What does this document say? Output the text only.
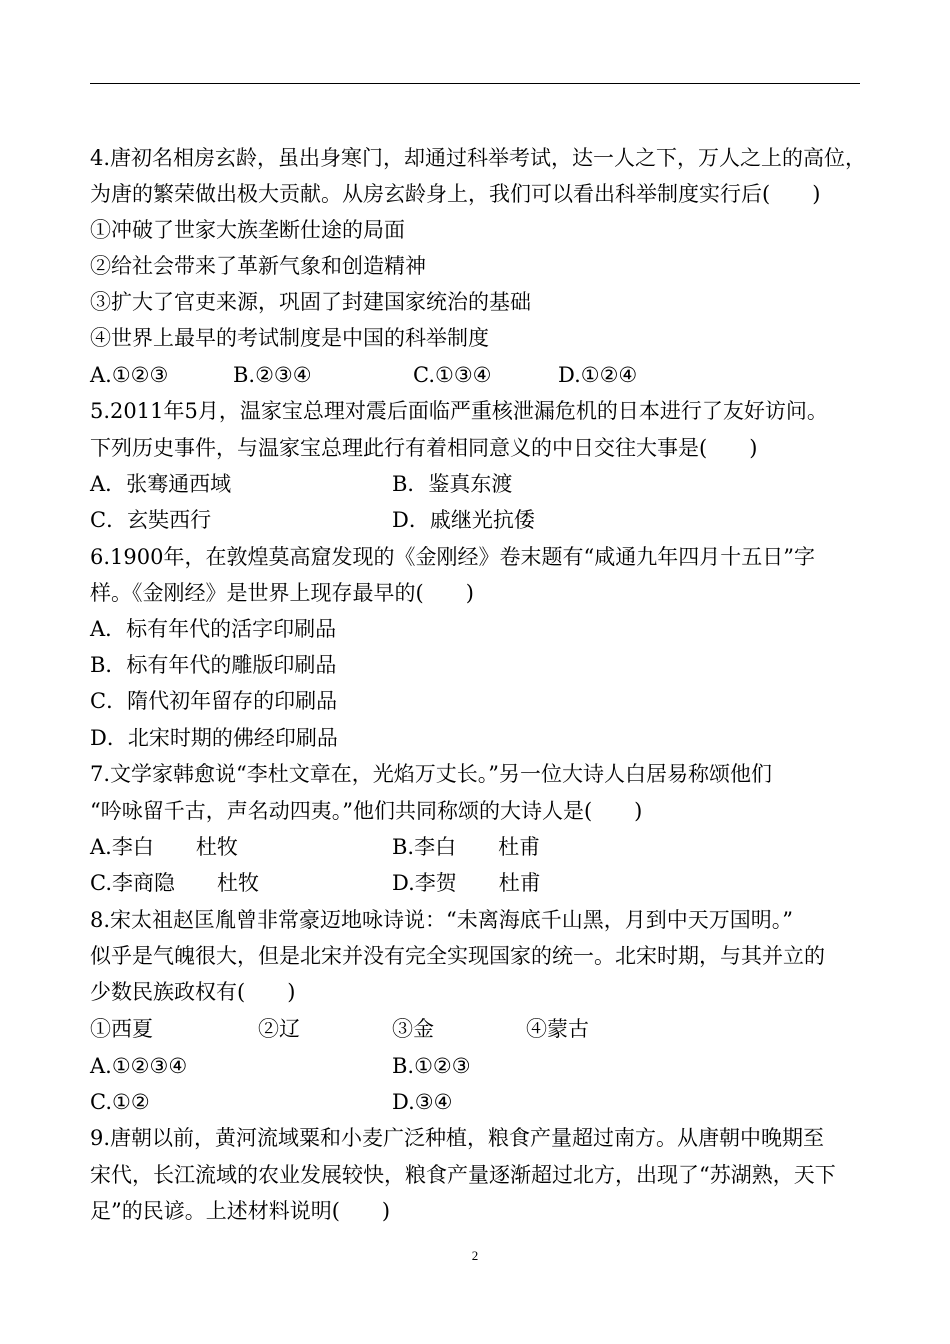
4.唐初名相房玄龄，虽出身寒门，却通过科举考试，达一人之下，万人之上的高位，
为唐的繁荣做出极大贡献。从房玄龄身上，我们可以看出科举制度实行后(　　)
①冲破了世家大族垄断仕途的局面
②给社会带来了革新气象和创造精神
③扩大了官吏来源，巩固了封建国家统治的基础
④世界上最早的考试制度是中国的科举制度
A.①②③	B.②③④	C.①③④	D.①②④
5.2011年5月，温家宝总理对震后面临严重核泄漏危机的日本进行了友好访问。
下列历史事件，与温家宝总理此行有着相同意义的中日交往大事是(　　)
A．张骞通西域	B．鉴真东渡
C．玄奘西行	D．戚继光抗倭
6.1900年，在敦煌莫高窟发现的《金刚经》卷末题有“咸通九年四月十五日”字
样。《金刚经》是世界上现存最早的(　　)
A．标有年代的活字印刷品
B．标有年代的雕版印刷品
C．隋代初年留存的印刷品
D．北宋时期的佛经印刷品
7.文学家韩愈说“李杜文章在，光焰万丈长。”另一位大诗人白居易称颂他们
“吟咏留千古，声名动四夷。”他们共同称颂的大诗人是(　　)
A.李白　　杜牧	B.李白　　杜甫
C.李商隐　　杜牧	D.李贺　　杜甫
8.宋太祖赵匡胤曾非常豪迈地咏诗说：“未离海底千山黑，月到中天万国明。”
似乎是气魄很大，但是北宋并没有完全实现国家的统一。北宋时期，与其并立的
少数民族政权有(　　)
①西夏	②辽	③金	④蒙古
A.①②③④	B.①②③
C.①②	D.③④
9.唐朝以前，黄河流域粟和小麦广泛种植，粮食产量超过南方。从唐朝中晚期至
宋代，长江流域的农业发展较快，粮食产量逐渐超过北方，出现了“苏湖熟，天下
足”的民谚。上述材料说明(　　)
2
